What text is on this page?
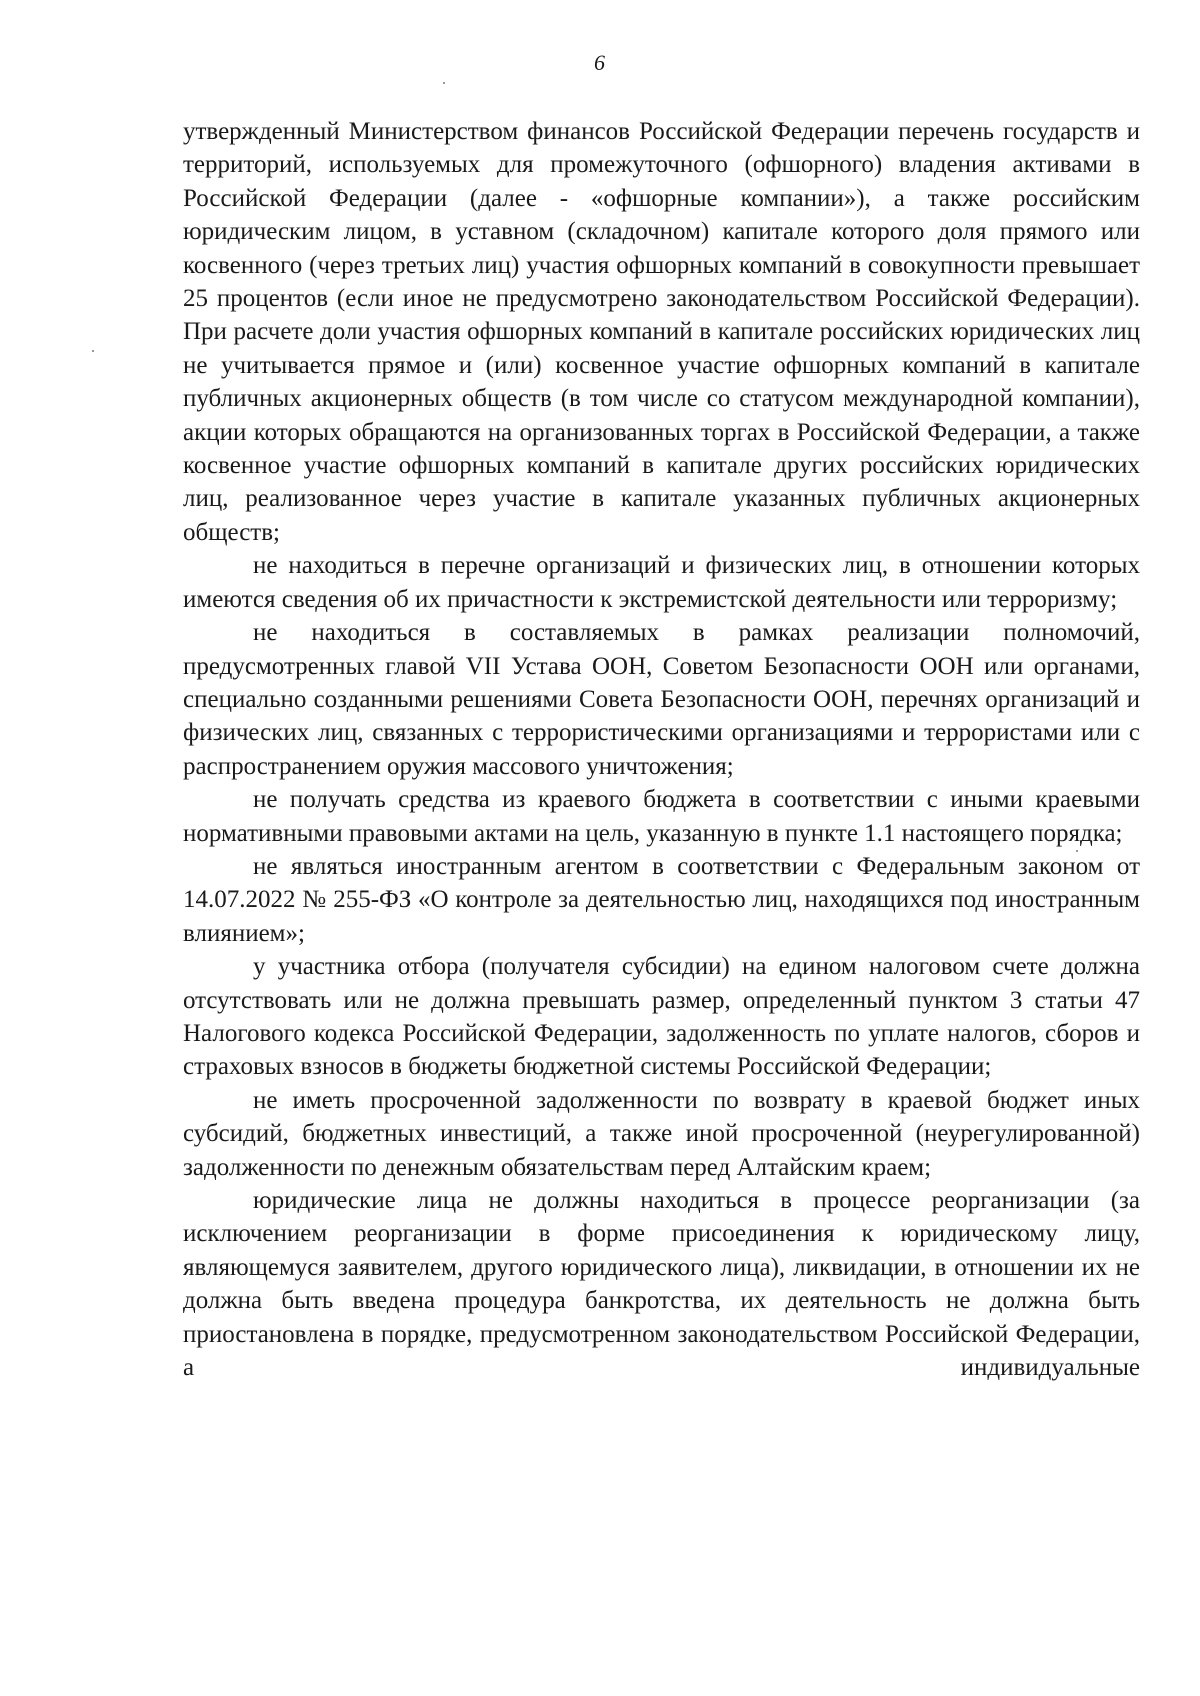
6

утвержденный Министерством финансов Российской Федерации перечень государств и территорий, используемых для промежуточного (офшорного) владения активами в Российской Федерации (далее - «офшорные компании»), а также российским юридическим лицом, в уставном (складочном) капитале которого доля прямого или косвенного (через третьих лиц) участия офшорных компаний в совокупности превышает 25 процентов (если иное не предусмотрено законодательством Российской Федерации). При расчете доли участия офшорных компаний в капитале российских юридических лиц не учитывается прямое и (или) косвенное участие офшорных компаний в капитале публичных акционерных обществ (в том числе со статусом международной компании), акции которых обращаются на организованных торгах в Российской Федерации, а также косвенное участие офшорных компаний в капитале других российских юридических лиц, реализованное через участие в капитале указанных публичных акционерных обществ;

не находиться в перечне организаций и физических лиц, в отношении которых имеются сведения об их причастности к экстремистской деятельности или терроризму;

не находиться в составляемых в рамках реализации полномочий, предусмотренных главой VII Устава ООН, Советом Безопасности ООН или органами, специально созданными решениями Совета Безопасности ООН, перечнях организаций и физических лиц, связанных с террористическими организациями и террористами или с распространением оружия массового уничтожения;

не получать средства из краевого бюджета в соответствии с иными краевыми нормативными правовыми актами на цель, указанную в пункте 1.1 настоящего порядка;

не являться иностранным агентом в соответствии с Федеральным законом от 14.07.2022 № 255-ФЗ «О контроле за деятельностью лиц, находящихся под иностранным влиянием»;

у участника отбора (получателя субсидии) на едином налоговом счете должна отсутствовать или не должна превышать размер, определенный пунктом 3 статьи 47 Налогового кодекса Российской Федерации, задолженность по уплате налогов, сборов и страховых взносов в бюджеты бюджетной системы Российской Федерации;

не иметь просроченной задолженности по возврату в краевой бюджет иных субсидий, бюджетных инвестиций, а также иной просроченной (неурегулированной) задолженности по денежным обязательствам перед Алтайским краем;

юридические лица не должны находиться в процессе реорганизации (за исключением реорганизации в форме присоединения к юридическому лицу, являющемуся заявителем, другого юридического лица), ликвидации, в отношении их не должна быть введена процедура банкротства, их деятельность не должна быть приостановлена в порядке, предусмотренном законодательством Российской Федерации, а индивидуальные
